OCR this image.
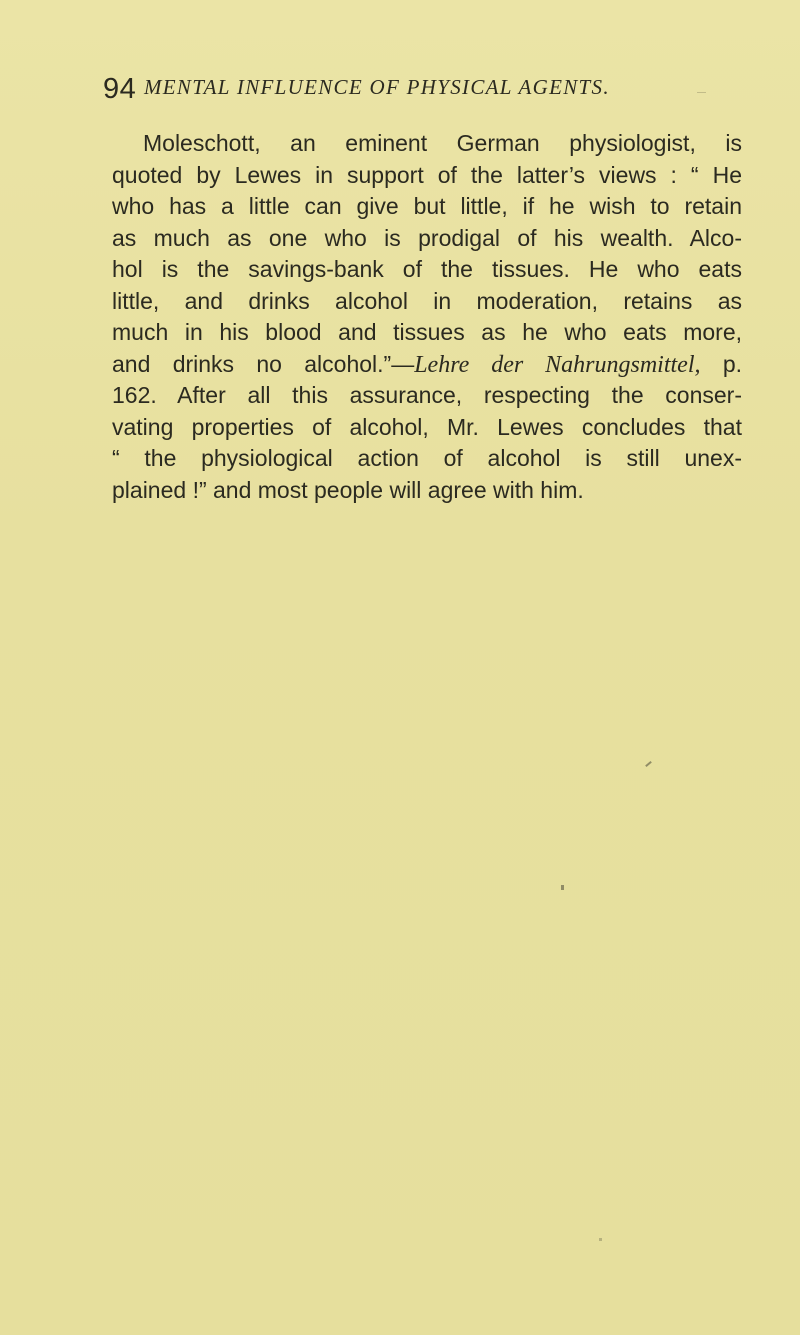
94 MENTAL INFLUENCE OF PHYSICAL AGENTS.
Moleschott, an eminent German physiologist, is
quoted by Lewes in support of the latter’s views : “ He
who has a little can give but little, if he wish to retain
as much as one who is prodigal of his wealth. Alco-
hol is the savings-bank of the tissues. He who eats
little, and drinks alcohol in moderation, retains as
much in his blood and tissues as he who eats more,
and drinks no alcohol.”—Lehre der Nahrungsmittel, p.
162. After all this assurance, respecting the conser-
vating properties of alcohol, Mr. Lewes concludes that
“ the physiological action of alcohol is still unex-
plained !” and most people will agree with him.
